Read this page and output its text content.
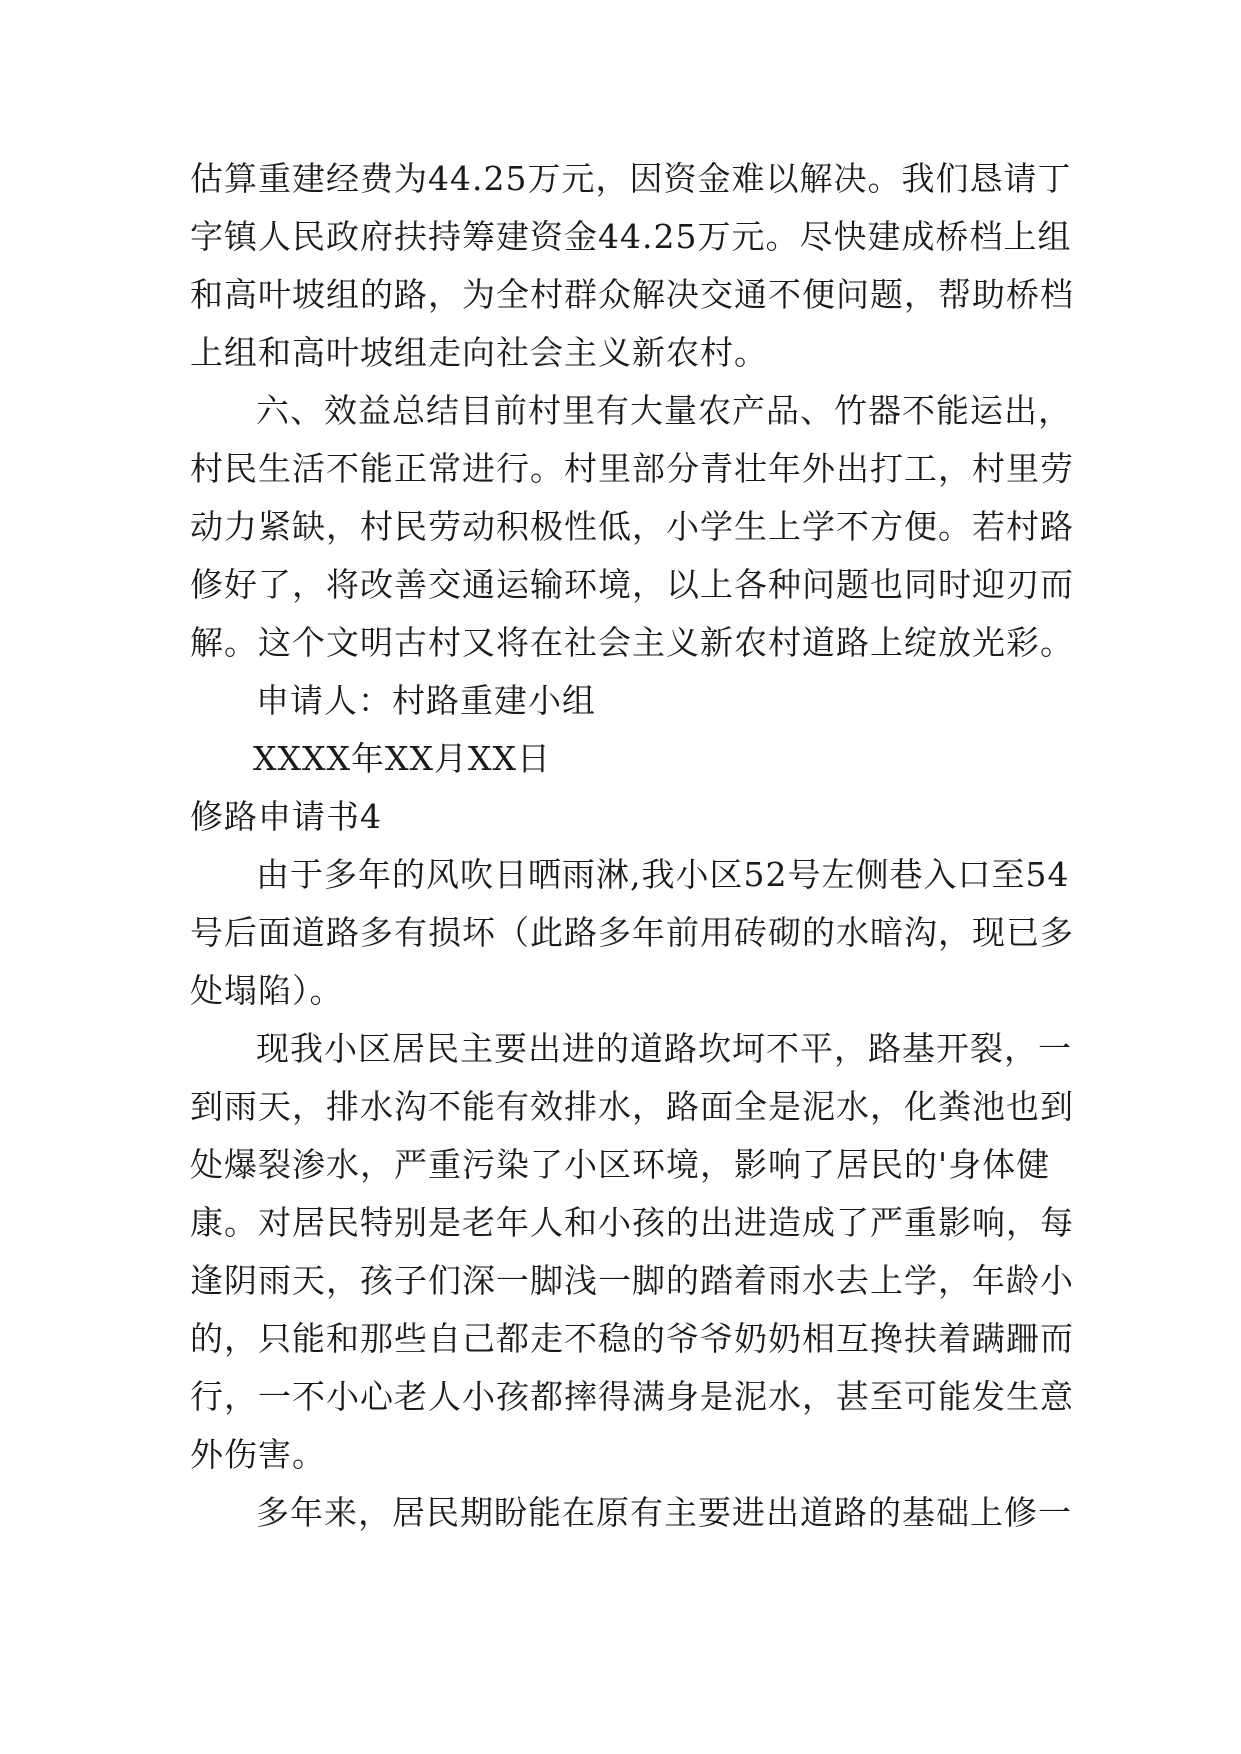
估算重建经费为44.25万元，因资金难以解决。我们恳请丁
字镇人民政府扶持筹建资金44.25万元。尽快建成桥档上组
和高叶坡组的路，为全村群众解决交通不便问题，帮助桥档
上组和高叶坡组走向社会主义新农村。
六、效益总结目前村里有大量农产品、竹器不能运出，
村民生活不能正常进行。村里部分青壮年外出打工，村里劳
动力紧缺，村民劳动积极性低，小学生上学不方便。若村路
修好了，将改善交通运输环境，以上各种问题也同时迎刃而
解。这个文明古村又将在社会主义新农村道路上绽放光彩。
申请人：村路重建小组
XXXX年XX月XX日
修路申请书4
由于多年的风吹日晒雨淋,我小区52号左侧巷入口至54
号后面道路多有损坏（此路多年前用砖砌的水暗沟，现已多
处塌陷）。
现我小区居民主要出进的道路坎坷不平，路基开裂，一
到雨天，排水沟不能有效排水，路面全是泥水，化粪池也到
处爆裂渗水，严重污染了小区环境，影响了居民的'身体健
康。对居民特别是老年人和小孩的出进造成了严重影响，每
逢阴雨天，孩子们深一脚浅一脚的踏着雨水去上学，年龄小
的，只能和那些自己都走不稳的爷爷奶奶相互搀扶着蹒跚而
行，一不小心老人小孩都摔得满身是泥水，甚至可能发生意
外伤害。
多年来，居民期盼能在原有主要进出道路的基础上修一
